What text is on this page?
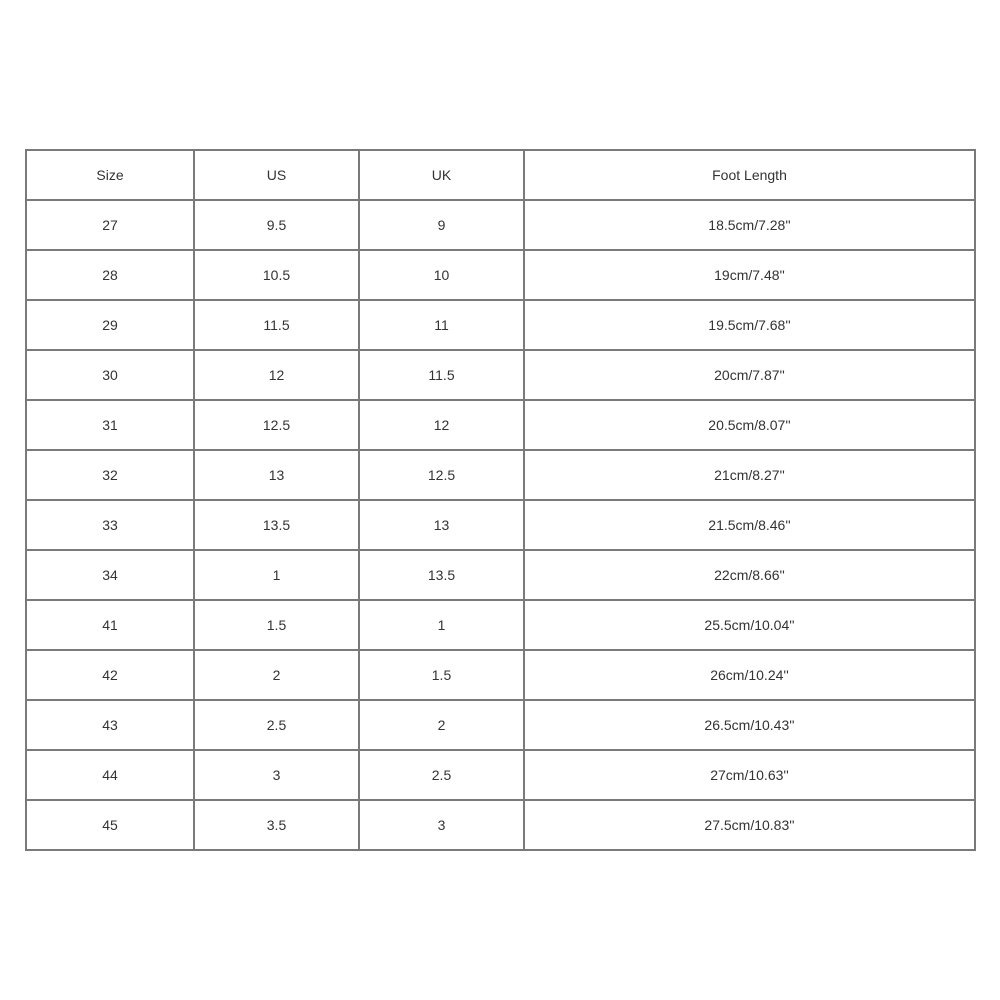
Size	US	UK	Foot Length
27	9.5	9	18.5cm/7.28''
28	10.5	10	19cm/7.48''
29	11.5	11	19.5cm/7.68''
30	12	11.5	20cm/7.87''
31	12.5	12	20.5cm/8.07''
32	13	12.5	21cm/8.27''
33	13.5	13	21.5cm/8.46''
34	1	13.5	22cm/8.66''
41	1.5	1	25.5cm/10.04''
42	2	1.5	26cm/10.24''
43	2.5	2	26.5cm/10.43''
44	3	2.5	27cm/10.63''
45	3.5	3	27.5cm/10.83''
